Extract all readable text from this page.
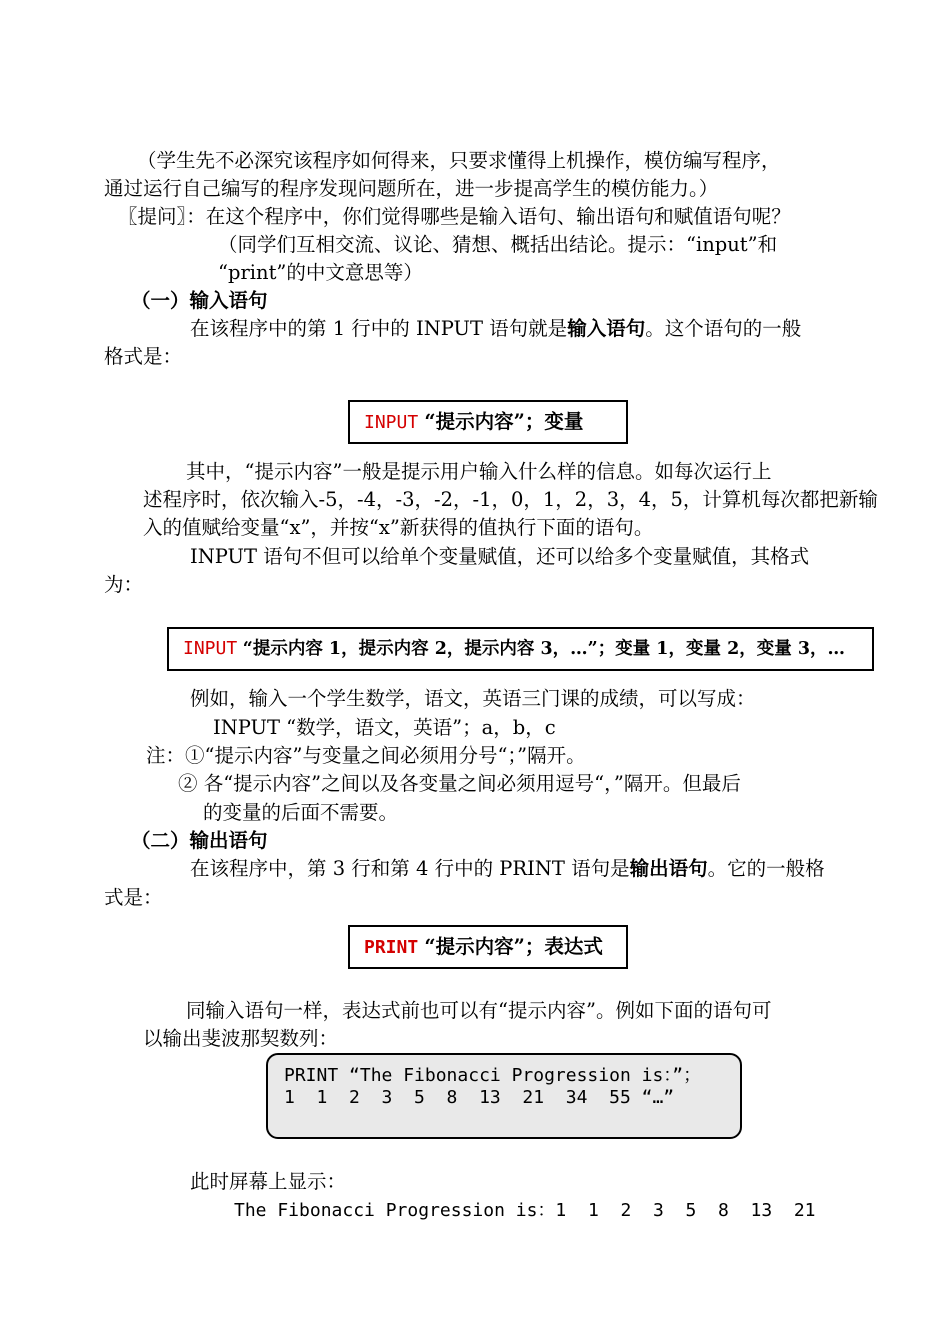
（学生先不必深究该程序如何得来，只要求懂得上机操作，模仿编写程序，
通过运行自己编写的程序发现问题所在，进一步提高学生的模仿能力。）
〖提问〗：在这个程序中，你们觉得哪些是输入语句、输出语句和赋值语句呢？
（同学们互相交流、议论、猜想、概括出结论。提示：“input”和
“print”的中文意思等）
（一）输入语句
在该程序中的第 1 行中的 INPUT 语句就是输入语句。这个语句的一般
格式是：
INPUT “提示内容”；变量
其中，“提示内容”一般是提示用户输入什么样的信息。如每次运行上
述程序时，依次输入-5，-4，-3，-2，-1，0，1，2，3，4，5，计算机每次都把新输
入的值赋给变量“x”，并按“x”新获得的值执行下面的语句。
INPUT 语句不但可以给单个变量赋值，还可以给多个变量赋值，其格式
为：
INPUT “提示内容 1，提示内容 2，提示内容 3，…”；变量 1，变量 2，变量 3，…
例如，输入一个学生数学，语文，英语三门课的成绩，可以写成：
INPUT “数学，语文，英语”；a，b，c
注：①“提示内容”与变量之间必须用分号“；”隔开。
② 各“提示内容”之间以及各变量之间必须用逗号“，”隔开。但最后
的变量的后面不需要。
（二）输出语句
在该程序中，第 3 行和第 4 行中的 PRINT 语句是输出语句。它的一般格
式是：
PRINT “提示内容”；表达式
同输入语句一样，表达式前也可以有“提示内容”。例如下面的语句可
以输出斐波那契数列：
PRINT “The Fibonacci Progression is：”；
1  1  2  3  5  8  13  21  34  55 “…”
此时屏幕上显示：
The Fibonacci Progression is：1  1  2  3  5  8  13  21
